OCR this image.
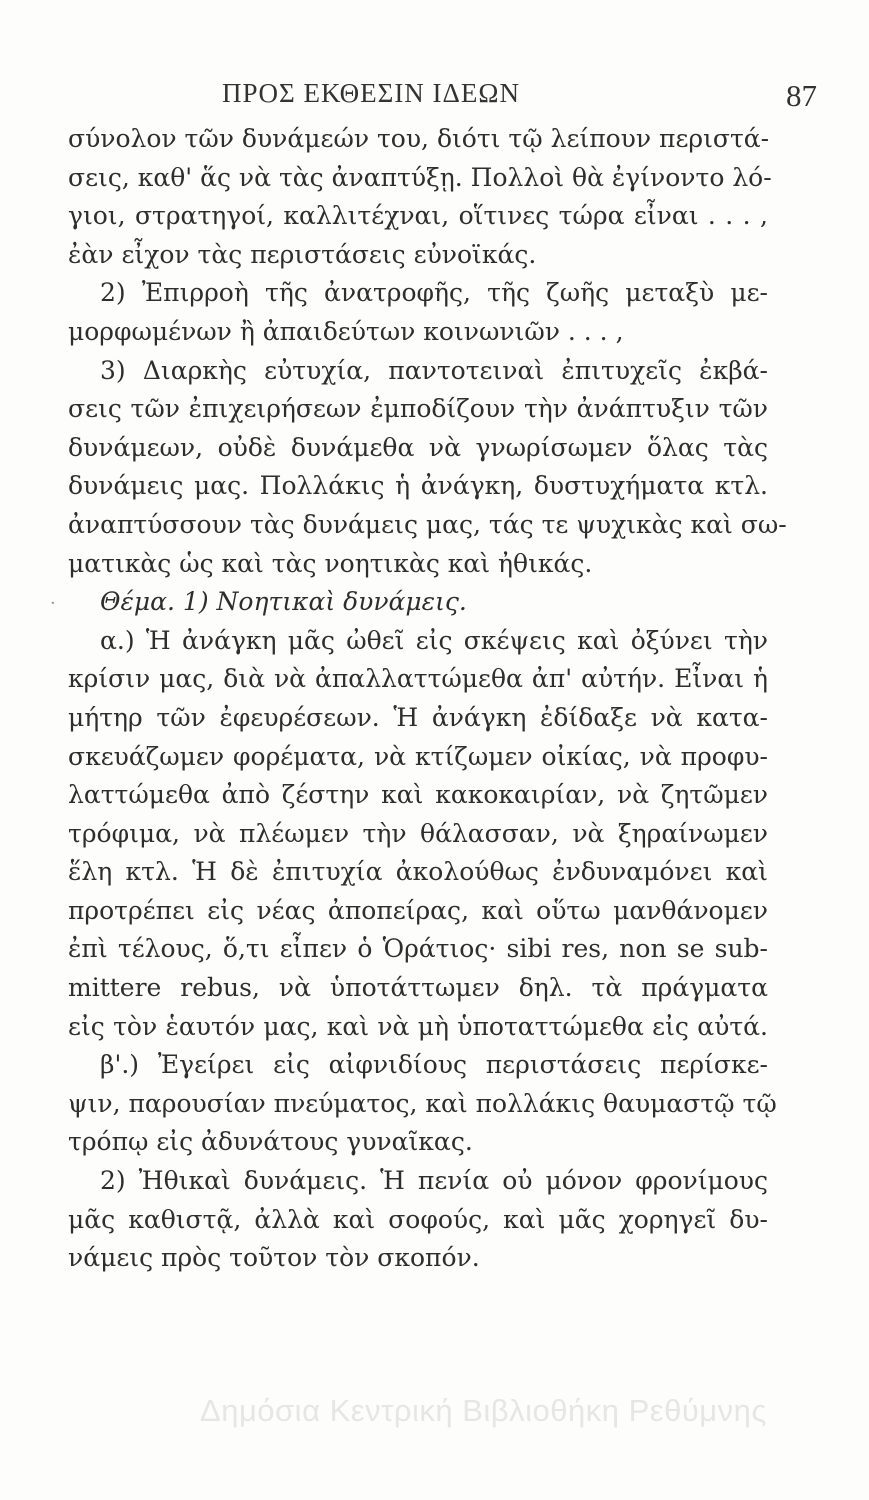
ΠΡΟΣ ΕΚΘΕΣΙΝ ΙΔΕΩΝ	87
·
σύνολον τῶν δυνάμεών του, διότι τῷ λείπουν περιστά-
σεις, καθ' ἅς νὰ τὰς ἀναπτύξῃ. Πολλοὶ θὰ ἐγίνοντο λό-
γιοι, στρατηγοί, καλλιτέχναι, οἵτινες τώρα εἶναι . . . ,
ἐὰν εἶχον τὰς περιστάσεις εὐνοϊκάς.
2) Ἐπιρροὴ τῆς ἀνατροφῆς, τῆς ζωῆς μεταξὺ με-
μορφωμένων ἢ ἀπαιδεύτων κοινωνιῶν . . . ,
3) Διαρκὴς εὐτυχία, παντοτειναὶ ἐπιτυχεῖς ἐκβά-
σεις τῶν ἐπιχειρήσεων ἐμποδίζουν τὴν ἀνάπτυξιν τῶν
δυνάμεων, οὐδὲ δυνάμεθα νὰ γνωρίσωμεν ὅλας τὰς
δυνάμεις μας. Πολλάκις ἡ ἀνάγκη, δυστυχήματα κτλ.
ἀναπτύσσουν τὰς δυνάμεις μας, τάς τε ψυχικὰς καὶ σω-
ματικὰς ὡς καὶ τὰς νοητικὰς καὶ ἠθικάς.
Θέμα. 1) Νοητικαὶ δυνάμεις.
α.) Ἡ ἀνάγκη μᾶς ὠθεῖ εἰς σκέψεις καὶ ὀξύνει τὴν
κρίσιν μας, διὰ νὰ ἀπαλλαττώμεθα ἀπ' αὐτήν. Εἶναι ἡ
μήτηρ τῶν ἐφευρέσεων. Ἡ ἀνάγκη ἐδίδαξε νὰ κατα-
σκευάζωμεν φορέματα, νὰ κτίζωμεν οἰκίας, νὰ προφυ-
λαττώμεθα ἀπὸ ζέστην καὶ κακοκαιρίαν, νὰ ζητῶμεν
τρόφιμα, νὰ πλέωμεν τὴν θάλασσαν, νὰ ξηραίνωμεν
ἕλη κτλ. Ἡ δὲ ἐπιτυχία ἀκολούθως ἐνδυναμόνει καὶ
προτρέπει εἰς νέας ἀποπείρας, καὶ οὕτω μανθάνομεν
ἐπὶ τέλους, ὅ,τι εἶπεν ὁ Ὁράτιος· sibi res, non se sub-
mittere rebus, νὰ ὑποτάττωμεν δηλ. τὰ πράγματα
εἰς τὸν ἑαυτόν μας, καὶ νὰ μὴ ὑποταττώμεθα εἰς αὐτά.
β'.) Ἐγείρει εἰς αἰφνιδίους περιστάσεις περίσκε-
ψιν, παρουσίαν πνεύματος, καὶ πολλάκις θαυμαστῷ τῷ
τρόπῳ εἰς ἀδυνάτους γυναῖκας.
2) Ἠθικαὶ δυνάμεις. Ἡ πενία οὐ μόνον φρονίμους
μᾶς καθιστᾷ, ἀλλὰ καὶ σοφούς, καὶ μᾶς χορηγεῖ δυ-
νάμεις πρὸς τοῦτον τὸν σκοπόν.
Δημόσια Κεντρική Βιβλιοθήκη Ρεθύμνης
